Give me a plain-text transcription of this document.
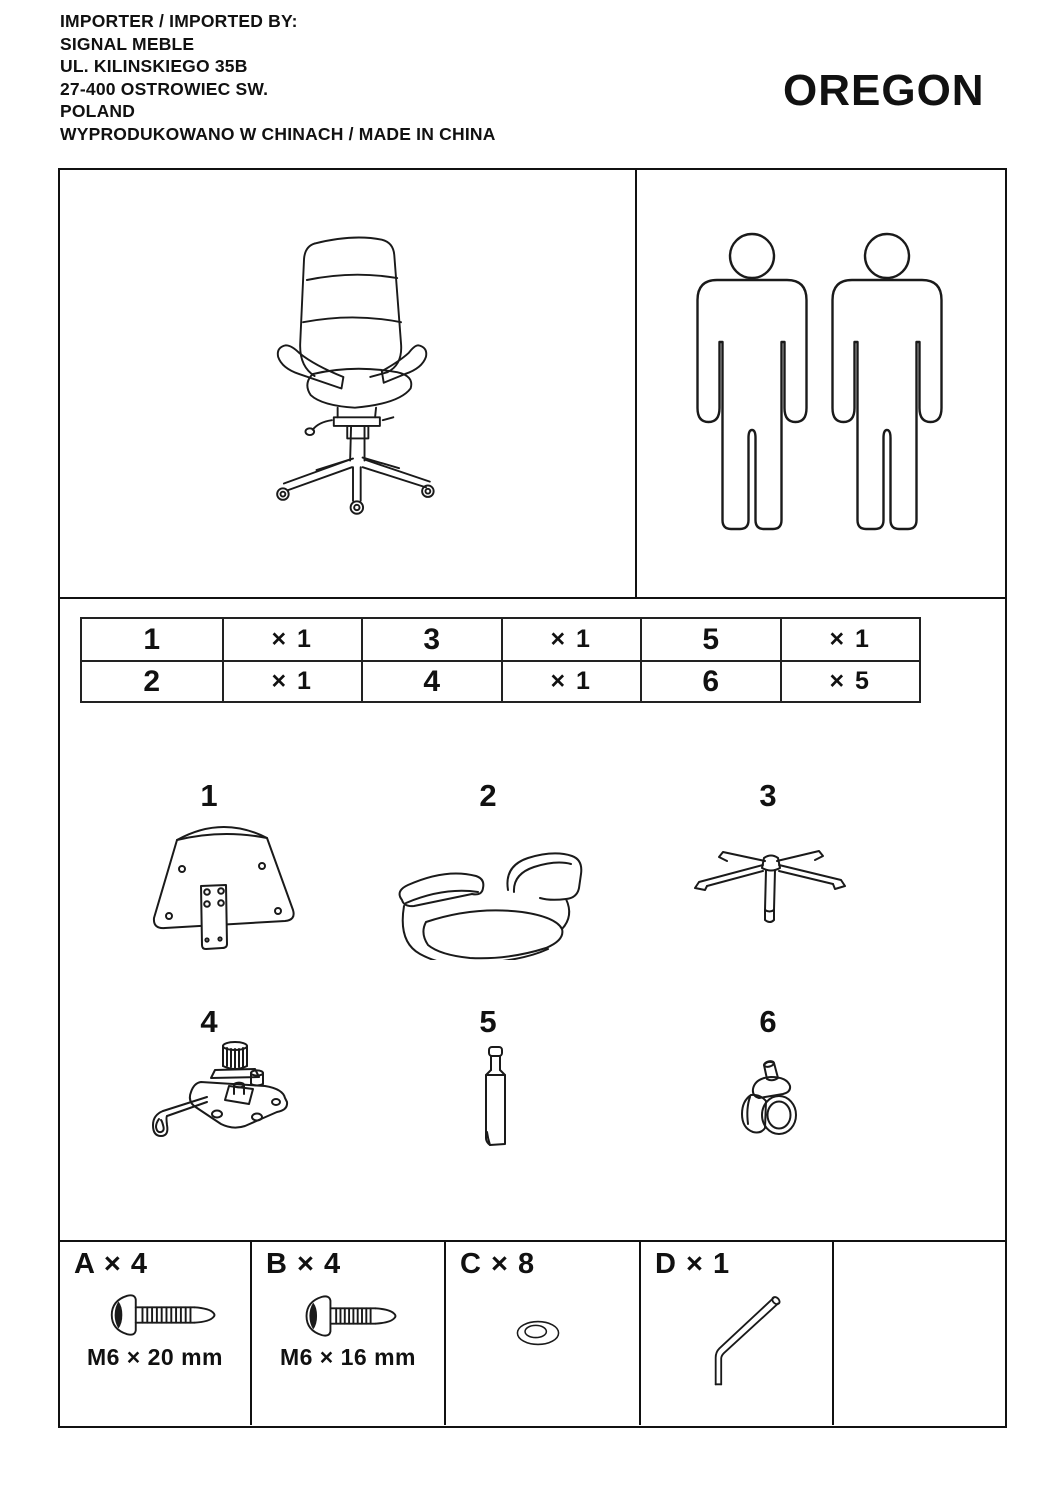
IMPORTER / IMPORTED BY:
SIGNAL MEBLE
UL. KILINSKIEGO 35B
27-400 OSTROWIEC SW.
POLAND
WYPRODUKOWANO W CHINACH / MADE IN CHINA
OREGON
1	× 1	3	× 1	5	× 1
2	× 1	4	× 1	6	× 5
1	2	3
4	5	6
A × 4
M6 × 20 mm
B × 4
M6 × 16 mm
C × 8	D × 1
